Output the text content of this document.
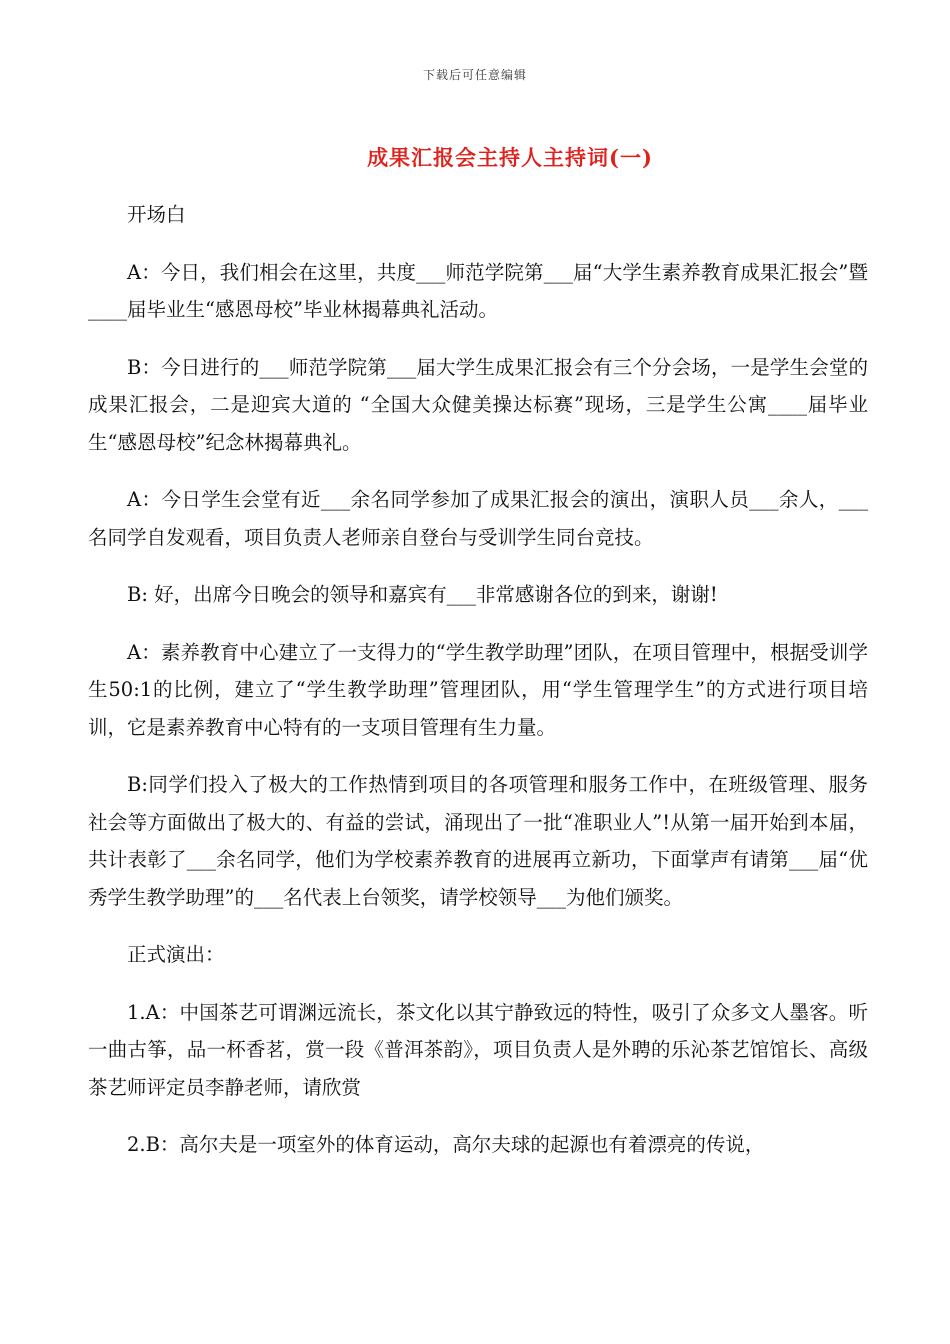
下载后可任意编辑
成果汇报会主持人主持词(一)

开场白

A：今日，我们相会在这里，共度___师范学院第___届“大学生素养教育成果汇报会”暨____届毕业生“感恩母校”毕业林揭幕典礼活动。

B：今日进行的___师范学院第___届大学生成果汇报会有三个分会场，一是学生会堂的成果汇报会，二是迎宾大道的 “全国大众健美操达标赛”现场，三是学生公寓____届毕业生“感恩母校”纪念林揭幕典礼。

A：今日学生会堂有近___余名同学参加了成果汇报会的演出，演职人员___余人，___名同学自发观看，项目负责人老师亲自登台与受训学生同台竞技。

B: 好，出席今日晚会的领导和嘉宾有___非常感谢各位的到来，谢谢!

A：素养教育中心建立了一支得力的“学生教学助理”团队，在项目管理中，根据受训学生50:1的比例，建立了“学生教学助理”管理团队，用“学生管理学生”的方式进行项目培训，它是素养教育中心特有的一支项目管理有生力量。

B:同学们投入了极大的工作热情到项目的各项管理和服务工作中，在班级管理、服务社会等方面做出了极大的、有益的尝试，涌现出了一批“准职业人”!从第一届开始到本届，共计表彰了___余名同学，他们为学校素养教育的进展再立新功，下面掌声有请第___届“优秀学生教学助理”的___名代表上台领奖，请学校领导___为他们颁奖。

正式演出：

1.A：中国茶艺可谓渊远流长，茶文化以其宁静致远的特性，吸引了众多文人墨客。听一曲古筝，品一杯香茗，赏一段《普洱茶韵》，项目负责人是外聘的乐沁茶艺馆馆长、高级茶艺师评定员李静老师，请欣赏

2.B：高尔夫是一项室外的体育运动，高尔夫球的起源也有着漂亮的传说，
